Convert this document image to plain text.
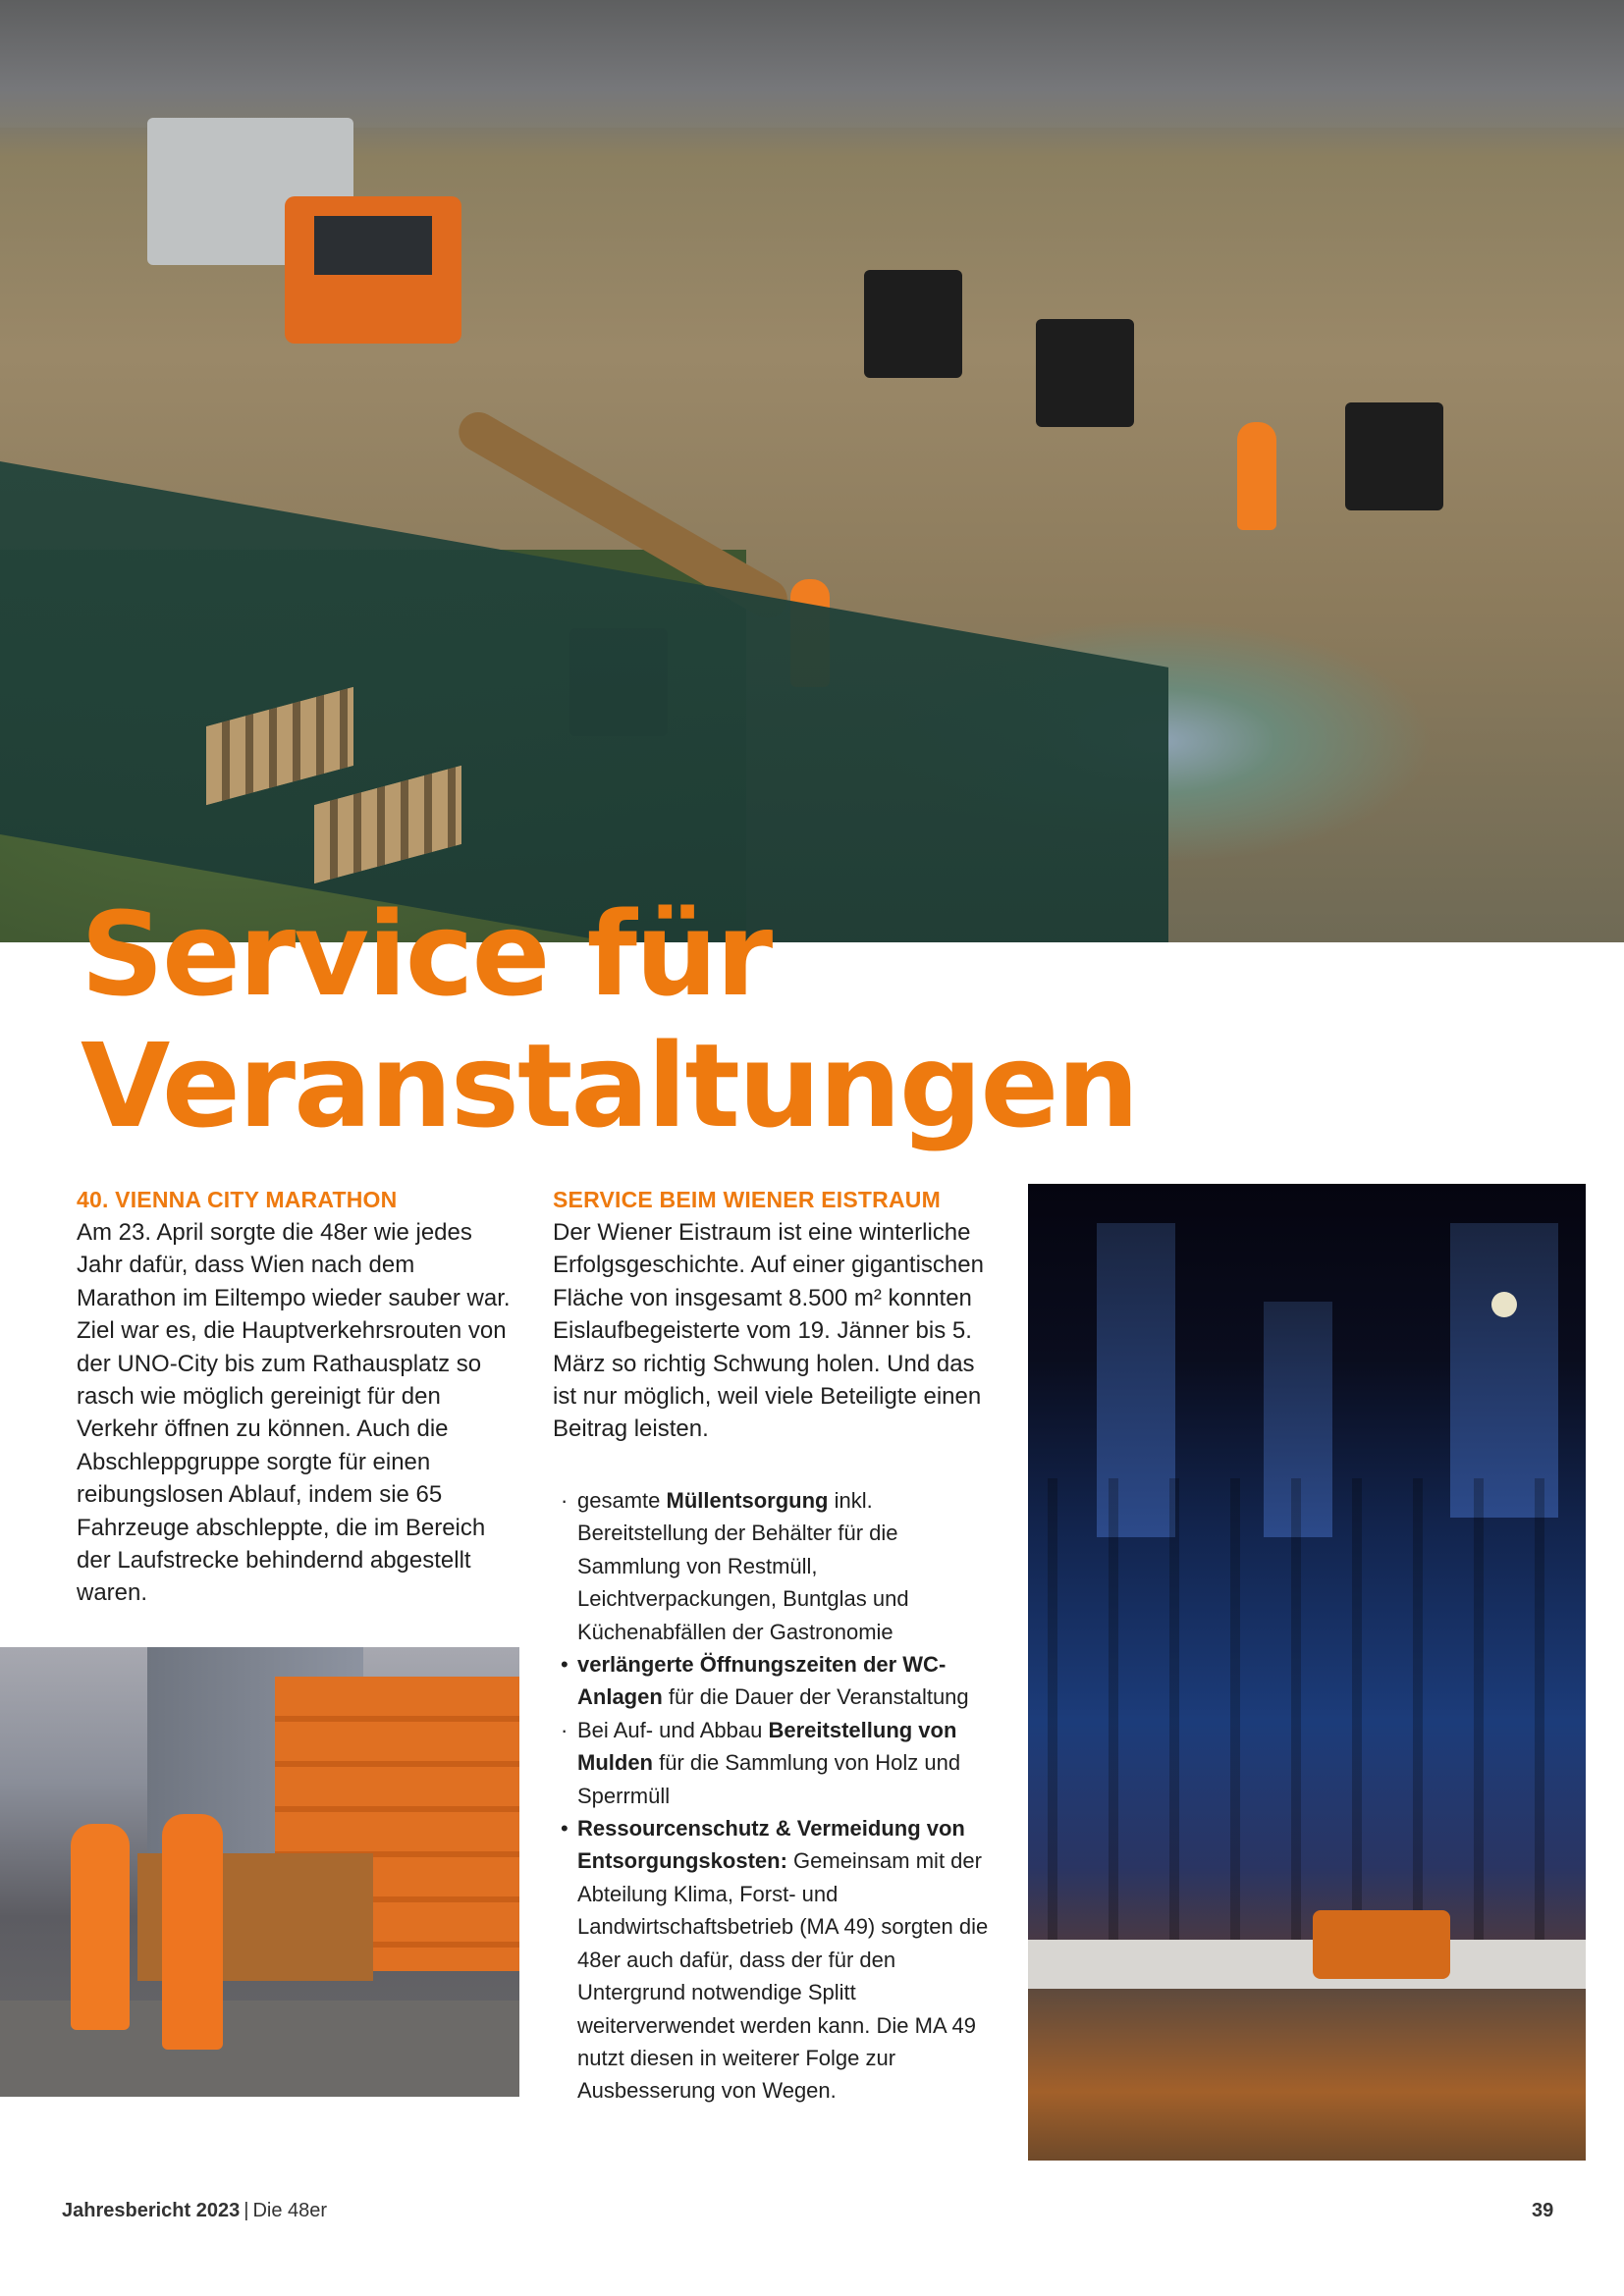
Service für
Veranstaltungen
40. VIENNA CITY MARATHON

Am 23. April sorgte die 48er wie jedes Jahr dafür, dass Wien nach dem Marathon im Eiltempo wieder sauber war. Ziel war es, die Hauptverkehrsrouten von der UNO-City bis zum Rathausplatz so rasch wie möglich gereinigt für den Verkehr öffnen zu können. Auch die Abschleppgruppe sorgte für einen reibungslosen Ablauf, indem sie 65 Fahrzeuge abschleppte, die im Bereich der Laufstrecke behindernd abgestellt waren.

SERVICE BEIM WIENER EISTRAUM

Der Wiener Eistraum ist eine winterliche Erfolgsgeschichte. Auf einer gigantischen Fläche von insgesamt 8.500 m² konnten Eislaufbegeisterte vom 19. Jänner bis 5. März so richtig Schwung holen. Und das ist nur möglich, weil viele Beteiligte einen Beitrag leisten.

· gesamte Müllentsorgung inkl. Bereitstellung der Behälter für die Sammlung von Restmüll, Leichtverpackungen, Buntglas und Küchenabfällen der Gastronomie
• verlängerte Öffnungszeiten der WC-Anlagen für die Dauer der Veranstaltung
· Bei Auf- und Abbau Bereitstellung von Mulden für die Sammlung von Holz und Sperrmüll
• Ressourcenschutz & Vermeidung von Entsorgungskosten: Gemeinsam mit der Abteilung Klima, Forst- und Landwirtschaftsbetrieb (MA 49) sorgten die 48er auch dafür, dass der für den Untergrund notwendige Splitt weiterverwendet werden kann. Die MA 49 nutzt diesen in weiterer Folge zur Ausbesserung von Wegen.
Jahresbericht 2023 | Die 48er	39
